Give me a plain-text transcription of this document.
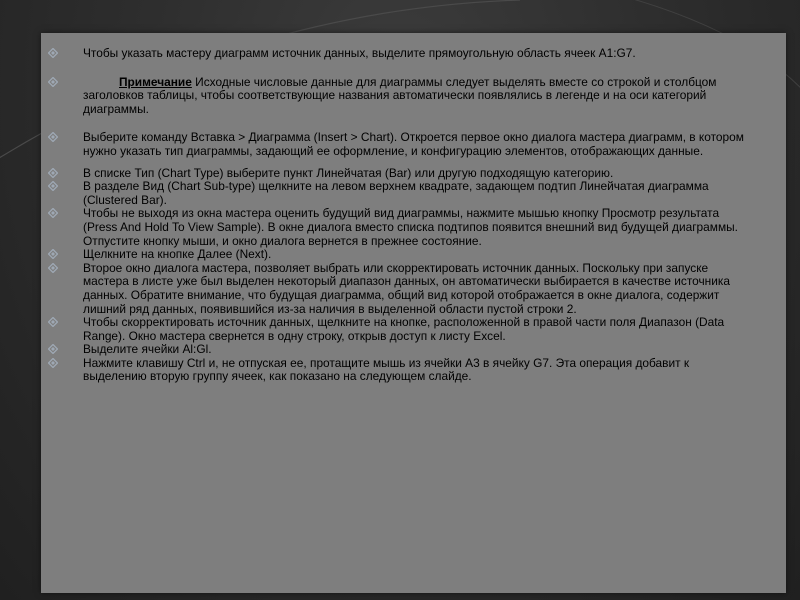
Чтобы указать мастеру диаграмм источник данных, выделите прямоугольную область ячеек А1:G7.
Примечание Исходные числовые данные для диаграммы следует выделять вместе со строкой и столбцом заголовков таблицы, чтобы соответствующие названия автоматически появлялись в легенде и на оси категорий диаграммы.
Выберите команду Вставка > Диаграмма (Insert > Chart). Откроется первое окно диалога мастера диаграмм, в котором нужно указать тип диаграммы, задающий ее оформление, и конфигурацию элементов, отображающих данные.
В списке Тип (Chart Type) выберите пункт Линейчатая (Bar) или другую подходящую категорию.
В разделе Вид (Chart Sub-type) щелкните на левом верхнем квадрате, задающем подтип Линейчатая диаграмма (Clustered Bar).
Чтобы не выходя из окна мастера оценить будущий вид диаграммы, нажмите мышью кнопку Просмотр результата (Press And Hold To View Sample). В окне диалога вместо списка подтипов появится внешний вид будущей диаграммы. Отпустите кнопку мыши, и окно диалога вернется в прежнее состояние.
Щелкните на кнопке Далее (Next).
Второе окно диалога мастера, позволяет выбрать или скорректировать источник данных. Поскольку при запуске мастера в листе уже был выделен некоторый диапазон данных, он автоматически выбирается в качестве источника данных. Обратите внимание, что будущая диаграмма, общий вид которой отображается в окне диалога, содержит лишний ряд данных, появившийся из-за наличия в выделенной области пустой строки 2.
Чтобы скорректировать источник данных, щелкните на кнопке, расположенной в правой части поля Диапазон (Data Range). Окно мастера свернется в одну строку, открыв доступ к листу Excel.
Выделите ячейки Al:Gl.
Нажмите клавишу Ctrl и, не отпуская ее, протащите мышь из ячейки A3 в ячейку G7. Эта операция добавит к выделению вторую группу ячеек, как показано на следующем слайде.
